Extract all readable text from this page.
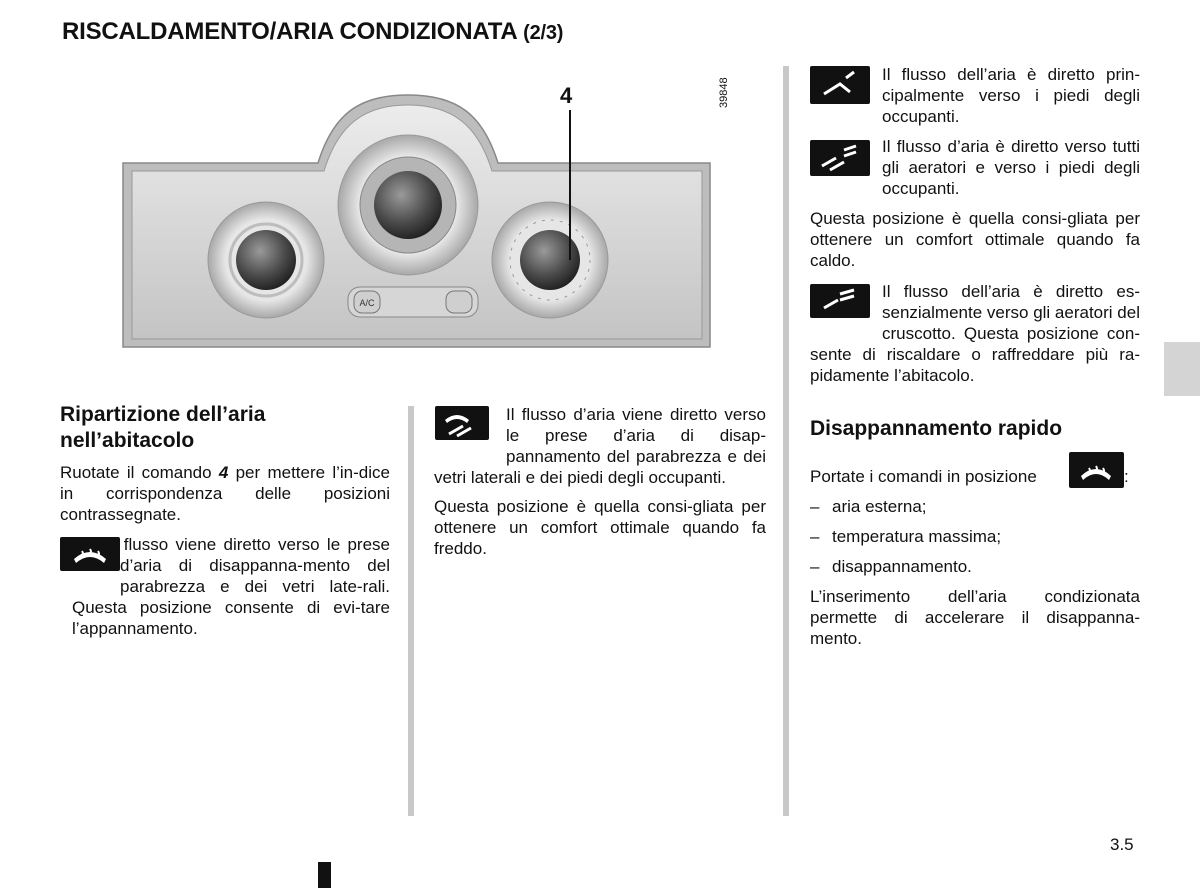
RISCALDAMENTO/ARIA CONDIZIONATA (2/3)
A/C
4	39848
Ripartizione dell’aria
nell’abitacolo

Ruotate il comando 4 per mettere l’in-dice in corrispondenza delle posizioni contrassegnate.

Il flusso viene diretto verso le prese d’aria di disappanna-mento del parabrezza e dei vetri late-rali. Questa posizione consente di evi-tare l’appannamento.
Il flusso d’aria viene diretto verso le prese d’aria di disap-pannamento del parabrezza e dei vetri laterali e dei piedi degli occupanti.

Questa posizione è quella consi-gliata per ottenere un comfort ottimale quando fa freddo.

Il flusso dell’aria è diretto prin-cipalmente verso i piedi degli occupanti.
Il flusso d’aria è diretto verso tutti gli aeratori e verso i piedi degli occupanti.

Questa posizione è quella consi-gliata per ottenere un comfort ottimale quando fa caldo.

Il flusso dell’aria è diretto es-senzialmente verso gli aeratori del cruscotto. Questa posizione con-sente di riscaldare o raffreddare più ra-pidamente l’abitacolo.
Disappannamento rapido
Portate i comandi in posizione	:
– aria esterna;
– temperatura massima;
– disappannamento.

L’inserimento dell’aria condizionata permette di accelerare il disappanna-mento.

3.5
